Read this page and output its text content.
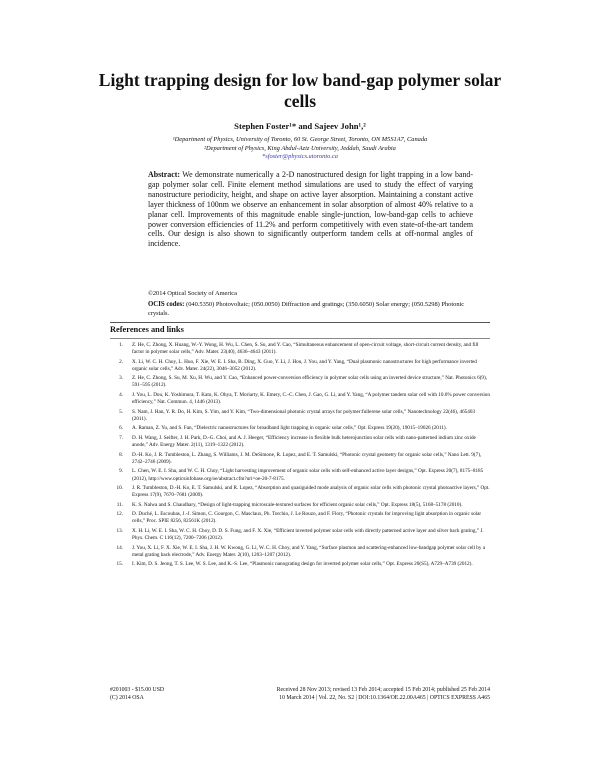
Light trapping design for low band-gap polymer solar cells
Stephen Foster¹* and Sajeev John¹,²
¹Department of Physics, University of Toronto, 60 St. George Street, Toronto, ON M5S1A7, Canada
²Department of Physics, King Abdul-Aziz University, Jeddah, Saudi Arabia
*sfoster@physics.utoronto.ca
Abstract: We demonstrate numerically a 2-D nanostructured design for light trapping in a low band-gap polymer solar cell. Finite element method simulations are used to study the effect of varying nanostructure periodicity, height, and shape on active layer absorption. Maintaining a constant active layer thickness of 100nm we observe an enhancement in solar absorption of almost 40% relative to a planar cell. Improvements of this magnitude enable single-junction, low-band-gap cells to achieve power conversion efficiencies of 11.2% and perform competitively with even state-of-the-art tandem cells. Our design is also shown to significantly outperform tandem cells at off-normal angles of incidence.
©2014 Optical Society of America
OCIS codes: (040.5350) Photovoltaic; (050.0050) Diffraction and gratings; (350.6050) Solar energy; (050.5298) Photonic crystals.
References and links
1.	Z. He, C. Zhong, X. Huang, W.-Y. Wong, H. Wu, L. Chen, S. Su, and Y. Cao, “Simultaneous enhancement of open-circuit voltage, short-circuit current density, and fill factor in polymer solar cells,” Adv. Mater. 23(40), 4636–4643 (2011).
2.	X. Li, W. C. H. Choy, L. Huo, F. Xie, W. E. I. Sha, B. Ding, X. Guo, Y. Li, J. Hou, J. You, and Y. Yang, “Dual plasmonic nanostructures for high performance inverted organic solar cells,” Adv. Mater. 24(22), 3046–3052 (2012).
3.	Z. He, C. Zhong, S. Su, M. Xu, H. Wu, and Y. Cao, “Enhanced power-conversion efficiency in polymer solar cells using an inverted device structure,” Nat. Photonics 6(9), 591–595 (2012).
4.	J. You, L. Dou, K. Yoshimura, T. Kato, K. Ohya, T. Moriarty, K. Emery, C.-C. Chen, J. Gao, G. Li, and Y. Yang, “A polymer tandem solar cell with 10.6% power conversion efficiency,” Nat. Commun. 4, 1446 (2013).
5.	S. Nam, J. Han, Y. R. Do, H. Kim, S. Yim, and Y. Kim, “Two-dimensional photonic crystal arrays for polymer:fullerene solar cells,” Nanotechnology 22(46), 465403 (2011).
6.	A. Raman, Z. Yu, and S. Fan, “Dielectric nanostructures for broadband light trapping in organic solar cells,” Opt. Express 19(20), 19015–19026 (2011).
7.	D. H. Wang, J. Seifter, J. H. Park, D.-G. Choi, and A. J. Heeger, “Efficiency increase in flexible bulk heterojunction solar cells with nano-patterned indium zinc oxide anode,” Adv. Energy Mater. 2(11), 1319–1322 (2012).
8.	D.-H. Ko, J. R. Tumbleston, L. Zhang, S. Williams, J. M. DeSimone, R. Lopez, and E. T. Samulski, “Photonic crystal geometry for organic solar cells,” Nano Lett. 9(7), 2742–2746 (2009).
9.	L. Chen, W. E. I. Sha, and W. C. H. Choy, “Light harvesting improvement of organic solar cells with self-enhanced active layer designs,” Opt. Express 20(7), 8175–8185 (2012), http://www.opticsinfobase.org/oe/abstract.cfm?uri=oe-20-7-8175.
10.	J. R. Tumbleston, D.-H. Ko, E. T. Samulski, and R. Lopez, “Absorption and quasiguided mode analysis of organic solar cells with photonic crystal photoactive layers,” Opt. Express 17(9), 7670–7681 (2009).
11.	K. S. Nalwa and S. Chaudhary, “Design of light-trapping microscale-textured surfaces for efficient organic solar cells,” Opt. Express 18(5), 5168–5178 (2010).
12.	D. Duché, L. Escoubas, J.-J. Simon, C. Gourgon, C. Masclaux, Ph. Torchio, J. Le Rouzo, and F. Flory, “Photonic crystals for improving light absorption in organic solar cells,” Proc. SPIE 8256, 82561K (2012).
13.	X. H. Li, W. E. I. Sha, W. C. H. Choy, D. D. S. Fung, and F. X. Xie, “Efficient inverted polymer solar cells with directly patterned active layer and silver back grating,” J. Phys. Chem. C 116(12), 7200–7206 (2012).
14.	J. You, X. Li, F. X. Xie, W. E. I. Sha, J. H. W. Kwong, G. Li, W. C. H. Choy, and Y. Yang, “Surface plasmon and scattering-enhanced low-bandgap polymer solar cell by a metal grating back electrode,” Adv. Energy Mater. 2(10), 1203–1207 (2012).
15.	I. Kim, D. S. Jeong, T. S. Lee, W. S. Lee, and K.-S. Lee, “Plasmonic nanograting design for inverted polymer solar cells,” Opt. Express 20(S5), A729–A739 (2012).
#201003 - $15.00 USD	Received 28 Nov 2013; revised 13 Feb 2014; accepted 15 Feb 2014; published 25 Feb 2014
(C) 2014 OSA	10 March 2014 | Vol. 22, No. S2 | DOI:10.1364/OE.22.00A465 | OPTICS EXPRESS A465
